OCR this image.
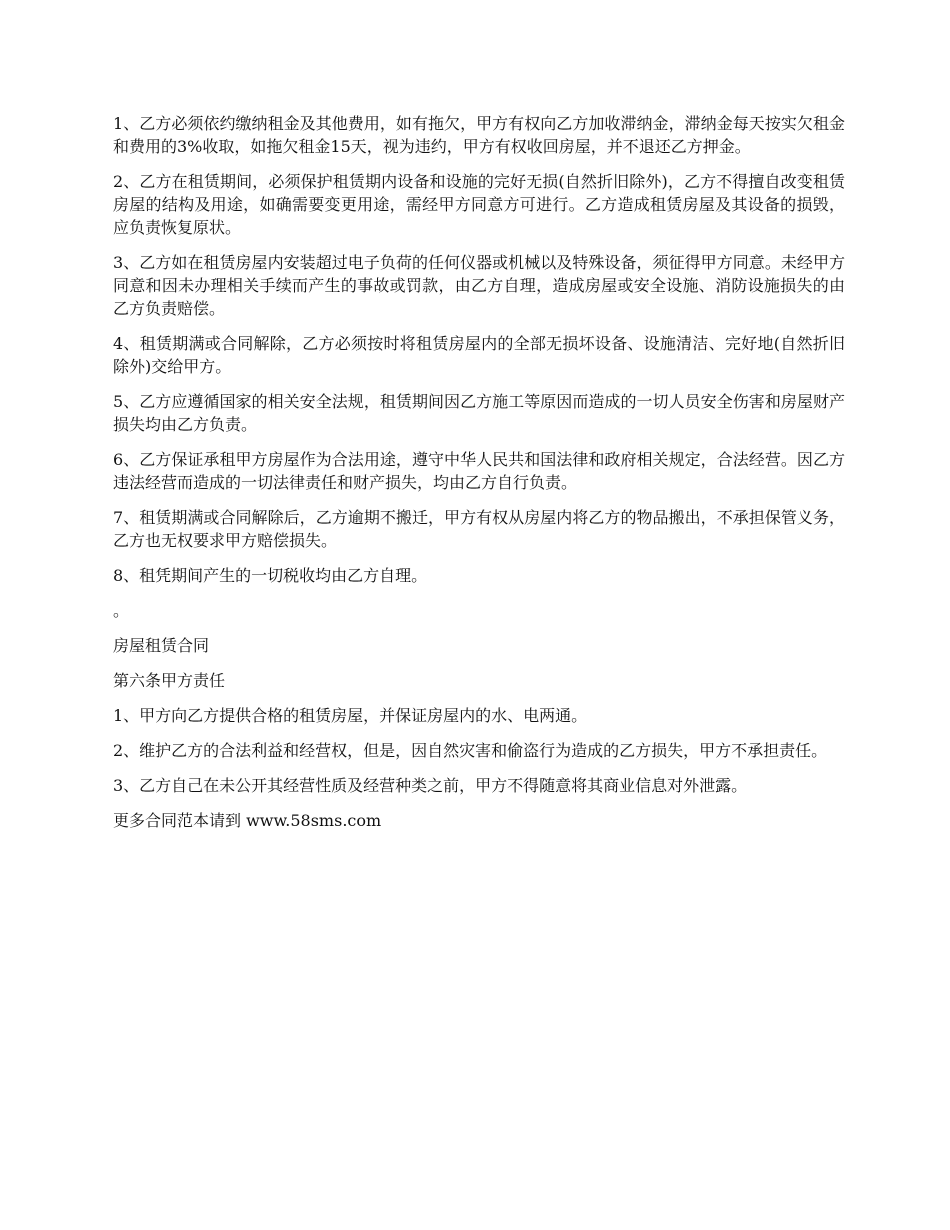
1、乙方必须依约缴纳租金及其他费用，如有拖欠，甲方有权向乙方加收滞纳金，滞纳金每天按实欠租金和费用的3%收取，如拖欠租金15天，视为违约，甲方有权收回房屋，并不退还乙方押金。

2、乙方在租赁期间，必须保护租赁期内设备和设施的完好无损(自然折旧除外)，乙方不得擅自改变租赁房屋的结构及用途，如确需要变更用途，需经甲方同意方可进行。乙方造成租赁房屋及其设备的损毁，应负责恢复原状。

3、乙方如在租赁房屋内安装超过电子负荷的任何仪器或机械以及特殊设备，须征得甲方同意。未经甲方同意和因未办理相关手续而产生的事故或罚款，由乙方自理，造成房屋或安全设施、消防设施损失的由乙方负责赔偿。

4、租赁期满或合同解除，乙方必须按时将租赁房屋内的全部无损坏设备、设施清洁、完好地(自然折旧除外)交给甲方。

5、乙方应遵循国家的相关安全法规，租赁期间因乙方施工等原因而造成的一切人员安全伤害和房屋财产损失均由乙方负责。

6、乙方保证承租甲方房屋作为合法用途，遵守中华人民共和国法律和政府相关规定，合法经营。因乙方违法经营而造成的一切法律责任和财产损失，均由乙方自行负责。

7、租赁期满或合同解除后，乙方逾期不搬迁，甲方有权从房屋内将乙方的物品搬出，不承担保管义务，乙方也无权要求甲方赔偿损失。

8、租凭期间产生的一切税收均由乙方自理。

。

房屋租赁合同

第六条甲方责任

1、甲方向乙方提供合格的租赁房屋，并保证房屋内的水、电两通。

2、维护乙方的合法利益和经营权，但是，因自然灾害和偷盗行为造成的乙方损失，甲方不承担责任。

3、乙方自己在未公开其经营性质及经营种类之前，甲方不得随意将其商业信息对外泄露。

更多合同范本请到 www.58sms.com
